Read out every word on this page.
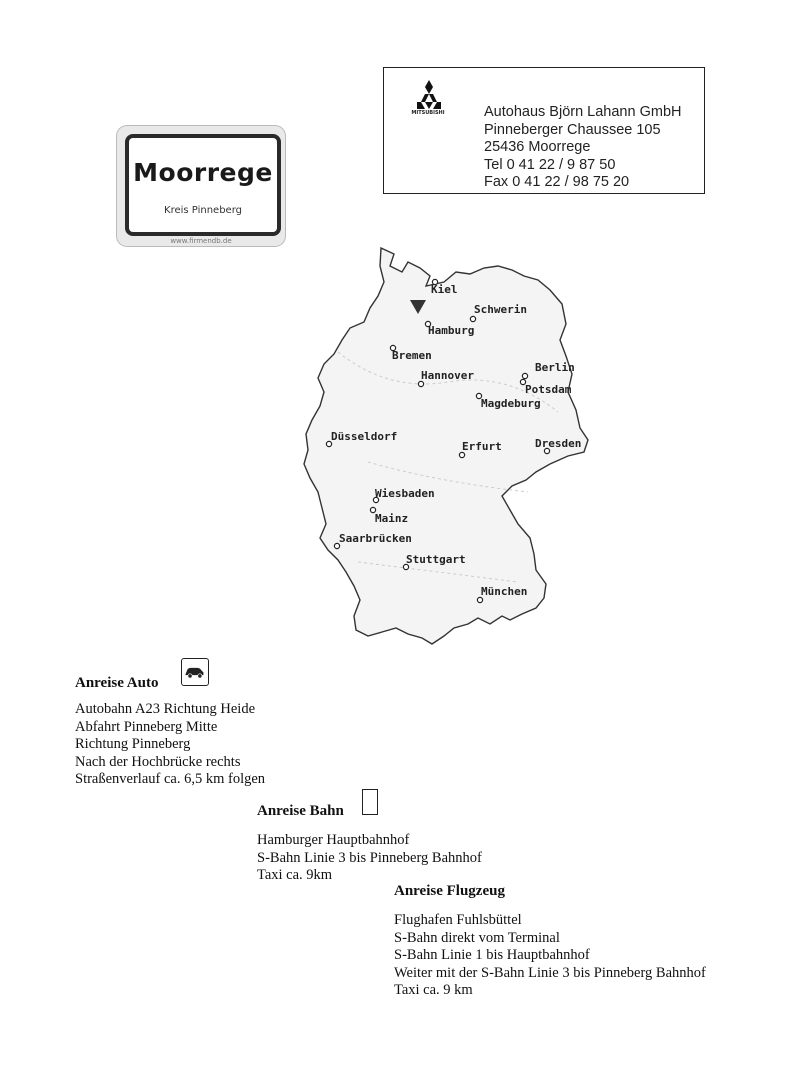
Moorrege
Kreis Pinneberg
www.firmendb.de
MITSUBISHI	Autohaus Björn Lahann GmbH
Pinneberger Chaussee 105
25436 Moorrege
Tel 0 41 22 / 9 87 50
Fax 0 41 22 / 98 75 20
Kiel
Schwerin
Hamburg
Bremen
Berlin
Potsdam
Hannover
Magdeburg
Düsseldorf
Erfurt	Dresden
Wiesbaden
Mainz
Saarbrücken
Stuttgart
München
Anreise Auto
Autobahn A23 Richtung Heide
Abfahrt Pinneberg Mitte
Richtung Pinneberg
Nach der Hochbrücke rechts
Straßenverlauf ca. 6,5 km folgen
Anreise Bahn
Hamburger Hauptbahnhof
S-Bahn Linie 3 bis Pinneberg Bahnhof
Taxi ca. 9km
Anreise Flugzeug
Flughafen Fuhlsbüttel
S-Bahn direkt vom Terminal
S-Bahn Linie 1 bis Hauptbahnhof
Weiter mit der S-Bahn Linie 3 bis Pinneberg Bahnhof
Taxi ca. 9 km
